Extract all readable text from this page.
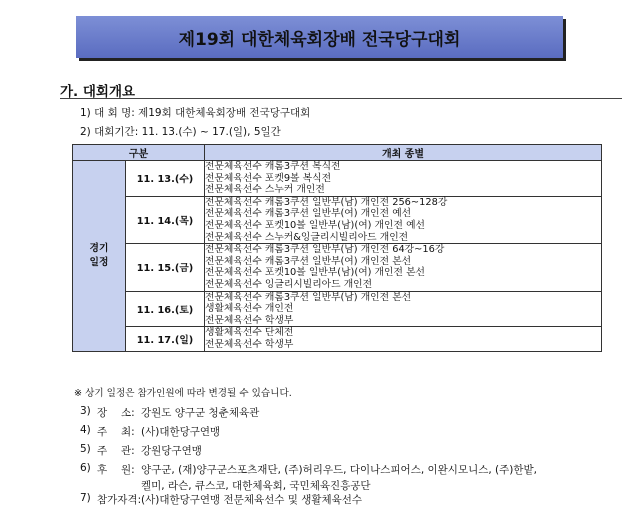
제19회 대한체육회장배 전국당구대회
가. 대회개요
1) 대 회 명: 제19회 대한체육회장배 전국당구대회
2) 대회기간: 11. 13.(수) ~ 17.(일), 5일간
구분		개최 종별
경기
일정	11. 13.(수)	전문체육선수 캐롬3쿠션 복식전
전문체육선수 포켓9볼 복식전
전문체육선수 스누커 개인전

	11. 14.(목)	전문체육선수 캐롬3쿠션 일반부(남) 개인전 256~128강
전문체육선수 캐롬3쿠션 일반부(여) 개인전 예선
전문체육선수 포켓10볼 일반부(남)(여) 개인전 예선
전문체육선수 스누커&잉글리시빌리아드 개인전

	11. 15.(금)	전문체육선수 캐롬3쿠션 일반부(남) 개인전 64강~16강
전문체육선수 캐롬3쿠션 일반부(여) 개인전 본선
전문체육선수 포켓10볼 일반부(남)(여) 개인전 본선
전문체육선수 잉글리시빌리아드 개인전

	11. 16.(토)	전문체육선수 캐롬3쿠션 일반부(남) 개인전 본선
생활체육선수 개인전
전문체육선수 학생부

	11. 17.(일)	생활체육선수 단체전
전문체육선수 학생부
※ 상기 일정은 참가인원에 따라 변경될 수 있습니다.
3) 장　 소: 강원도 양구군 청춘체육관
4) 주　 최: (사)대한당구연맹
5) 주　 관: 강원당구연맹
6) 후　 원: 양구군, (재)양구군스포츠재단, (주)허리우드, 다이나스피어스, 이완시모니스, (주)한밭,
켈미, 라슨, 큐스코, 대한체육회, 국민체육진흥공단
7) 참가자격: (사)대한당구연맹 전문체육선수 및 생활체육선수
